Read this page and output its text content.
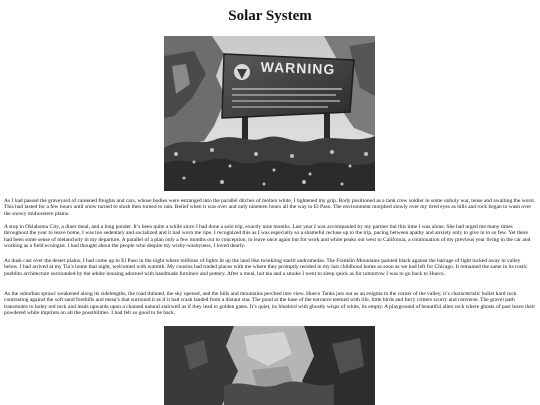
Solar System
WARNING

As I had passed the graveyard of careened freights and cars, whose bodies were estranged into the parallel ditches of molten white, I tightened my grip. Body positioned as a tank crew soldier in some unholy war, tense and awaiting the worst. This had lasted for a few hours until snow turned to slush then turned to rain. Relief when it was over and only nineteen hours all the way to El Paso. The environment morphed slowly over my tired eyes as hills and rock began to wash over the snowy midwestern plains.

A stop in Oklahoma City, a diner meal, and a long ponder. It’s been quite a while since I had done a solo trip, exactly nine months. Last year I was accompanied by my partner but this time I was alone. She had urged me many times throughout the year to leave home, I was too sedentary and socialized and it had worn me ripe. I recognized this as I was especially so a shameful recluse up to the trip, pacing between apathy and anxiety only to give in to so few. Yet there had been some sense of melancholy in my departure. A parallel of a plan only a few months out to conception, to leave once again but for work and white peaks out west in California, a continuation of my previous year living in the car and working as a field ecologist. I had thought about the people who despite my wishy-washyness, I loved dearly.

As dusk cast over the desert plains, I had come up to El Paso in the night where millions of lights lit up the land like twinkling starlit andromedas. The Franklin Mountains painted black against the barrage of light tucked away in valley below. I had arrived at my Tia’s home that night, welcomed with warmth. My cousins had traded places with me where they promptly resided in my last childhood home as soon as we had left for Chicago. It remained the same in its rustic pueblito architecture surrounded by the adobe housing adorned with handmade furniture and pottery. After a meal, hot tea and a smoke I went to sleep quick as for tomorrow I was to go back to Hueco.

As the suburban sprawl weakened along its sidelengths, the road thinned, the sky opened, and the hills and mountains perched into view. Hueco Tanks juts out as an enigma in the corner of the valley, it’s characteristic bullet hard rock contrasting against the soft sand foothills and mesa’s that surround it as if it had crash landed from a distant star. The pond at the base of the entrance teemed with life, little birds and furry critters scurry and converse. The gravel path transmutes to holey red rock and leads upwards upon a chained natural stairwell as if they lead to golden gates. It’s quiet, its bluebird with ghostly wisps of white, its empty. A playground of beautiful alien rock where ghosts of past leave their powdered white imprints on all the possibilities. I had felt so good to be back.
